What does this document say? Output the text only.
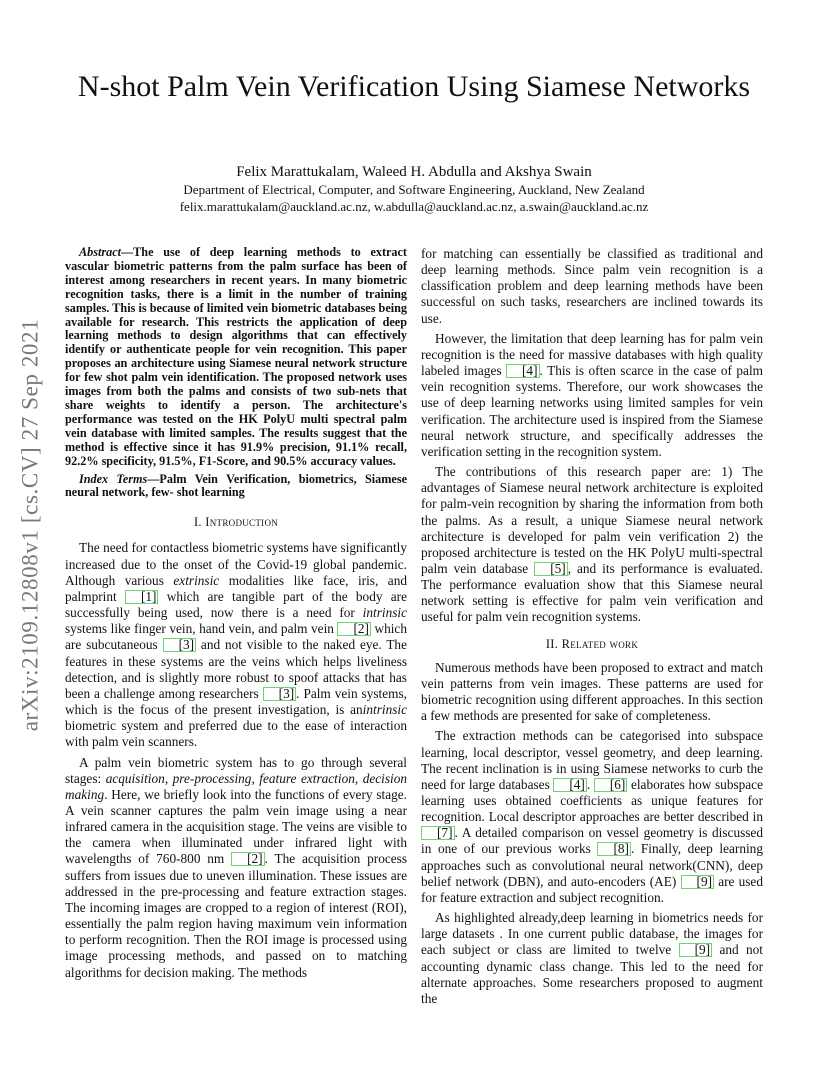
arXiv:2109.12808v1 [cs.CV] 27 Sep 2021
N-shot Palm Vein Verification Using Siamese Networks
Felix Marattukalam, Waleed H. Abdulla and Akshya Swain
Department of Electrical, Computer, and Software Engineering, Auckland, New Zealand
felix.marattukalam@auckland.ac.nz, w.abdulla@auckland.ac.nz, a.swain@auckland.ac.nz

Abstract—The use of deep learning methods to extract vascular biometric patterns from the palm surface has been of interest among researchers in recent years. In many biometric recognition tasks, there is a limit in the number of training samples. This is because of limited vein biometric databases being available for research. This restricts the application of deep learning methods to design algorithms that can effectively identify or authenticate people for vein recognition. This paper proposes an architecture using Siamese neural network structure for few shot palm vein identification. The proposed network uses images from both the palms and consists of two sub-nets that share weights to identify a person. The architecture's performance was tested on the HK PolyU multi spectral palm vein database with limited samples. The results suggest that the method is effective since it has 91.9% precision, 91.1% recall, 92.2% specificity, 91.5%, F1-Score, and 90.5% accuracy values.

Index Terms—Palm Vein Verification, biometrics, Siamese neural network, few- shot learning

I. Introduction

The need for contactless biometric systems have significantly increased due to the onset of the Covid-19 global pandemic. Although various extrinsic modalities like face, iris, and palmprint [1] which are tangible part of the body are successfully being used, now there is a need for intrinsic systems like finger vein, hand vein, and palm vein [2] which are subcutaneous [3] and not visible to the naked eye. The features in these systems are the veins which helps liveliness detection, and is slightly more robust to spoof attacks that has been a challenge among researchers [3] . Palm vein systems, which is the focus of the present investigation, is anintrinsic biometric system and preferred due to the ease of interaction with palm vein scanners.

A palm vein biometric system has to go through several stages: acquisition, pre-processing, feature extraction, decision making. Here, we briefly look into the functions of every stage. A vein scanner captures the palm vein image using a near infrared camera in the acquisition stage. The veins are visible to the camera when illuminated under infrared light with wavelengths of 760-800 nm [2] . The acquisition process suffers from issues due to uneven illumination. These issues are addressed in the pre-processing and feature extraction stages. The incoming images are cropped to a region of interest (ROI), essentially the palm region having maximum vein information to perform recognition. Then the ROI image is processed using image processing methods, and passed on to matching algorithms for decision making. The methods

for matching can essentially be classified as traditional and deep learning methods. Since palm vein recognition is a classification problem and deep learning methods have been successful on such tasks, researchers are inclined towards its use.

However, the limitation that deep learning has for palm vein recognition is the need for massive databases with high quality labeled images [4] . This is often scarce in the case of palm vein recognition systems. Therefore, our work showcases the use of deep learning networks using limited samples for vein verification. The architecture used is inspired from the Siamese neural network structure, and specifically addresses the verification setting in the recognition system.

The contributions of this research paper are: 1) The advantages of Siamese neural network architecture is exploited for palm-vein recognition by sharing the information from both the palms. As a result, a unique Siamese neural network architecture is developed for palm vein verification 2) the proposed architecture is tested on the HK PolyU multi-spectral palm vein database [5] , and its performance is evaluated. The performance evaluation show that this Siamese neural network setting is effective for palm vein verification and useful for palm vein recognition systems.

II. Related work

Numerous methods have been proposed to extract and match vein patterns from vein images. These patterns are used for biometric recognition using different approaches. In this section a few methods are presented for sake of completeness.

The extraction methods can be categorised into subspace learning, local descriptor, vessel geometry, and deep learning. The recent inclination is in using Siamese networks to curb the need for large databases [4] . [6] elaborates how subspace learning uses obtained coefficients as unique features for recognition. Local descriptor approaches are better described in [7] . A detailed comparison on vessel geometry is discussed in one of our previous works [8] . Finally, deep learning approaches such as convolutional neural network(CNN), deep belief network (DBN), and auto-encoders (AE) [9] are used for feature extraction and subject recognition.

As highlighted already,deep learning in biometrics needs for large datasets . In one current public database, the images for each subject or class are limited to twelve [9] and not accounting dynamic class change. This led to the need for alternate approaches. Some researchers proposed to augment the
